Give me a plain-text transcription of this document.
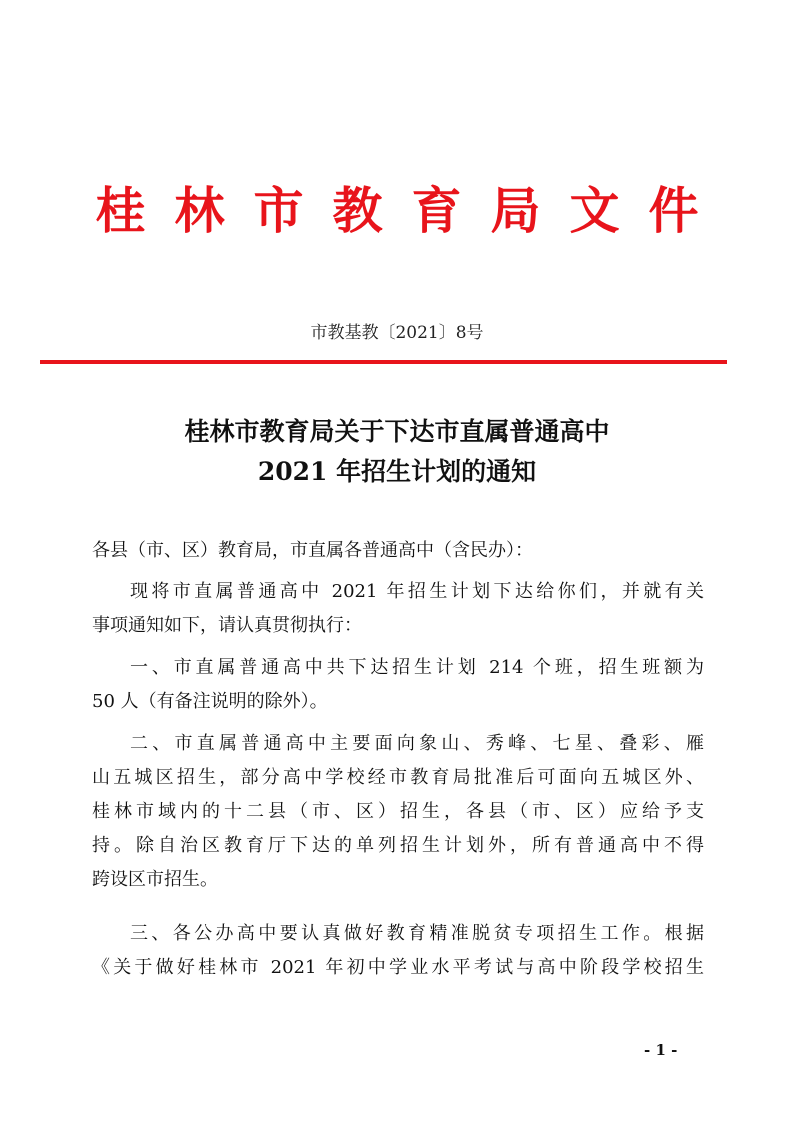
桂林市教育局文件
市教基教〔2021〕8号
桂林市教育局关于下达市直属普通高中
2021 年招生计划的通知
各县（市、区）教育局，市直属各普通高中（含民办）：
现将市直属普通高中 2021 年招生计划下达给你们，并就有关
事项通知如下，请认真贯彻执行：
一、市直属普通高中共下达招生计划 214 个班，招生班额为
50 人（有备注说明的除外）。
二、市直属普通高中主要面向象山、秀峰、七星、叠彩、雁
山五城区招生，部分高中学校经市教育局批准后可面向五城区外、
桂林市域内的十二县（市、区）招生，各县（市、区）应给予支
持。除自治区教育厅下达的单列招生计划外，所有普通高中不得
跨设区市招生。
三、各公办高中要认真做好教育精准脱贫专项招生工作。根据
《关于做好桂林市 2021 年初中学业水平考试与高中阶段学校招生
- 1 -
